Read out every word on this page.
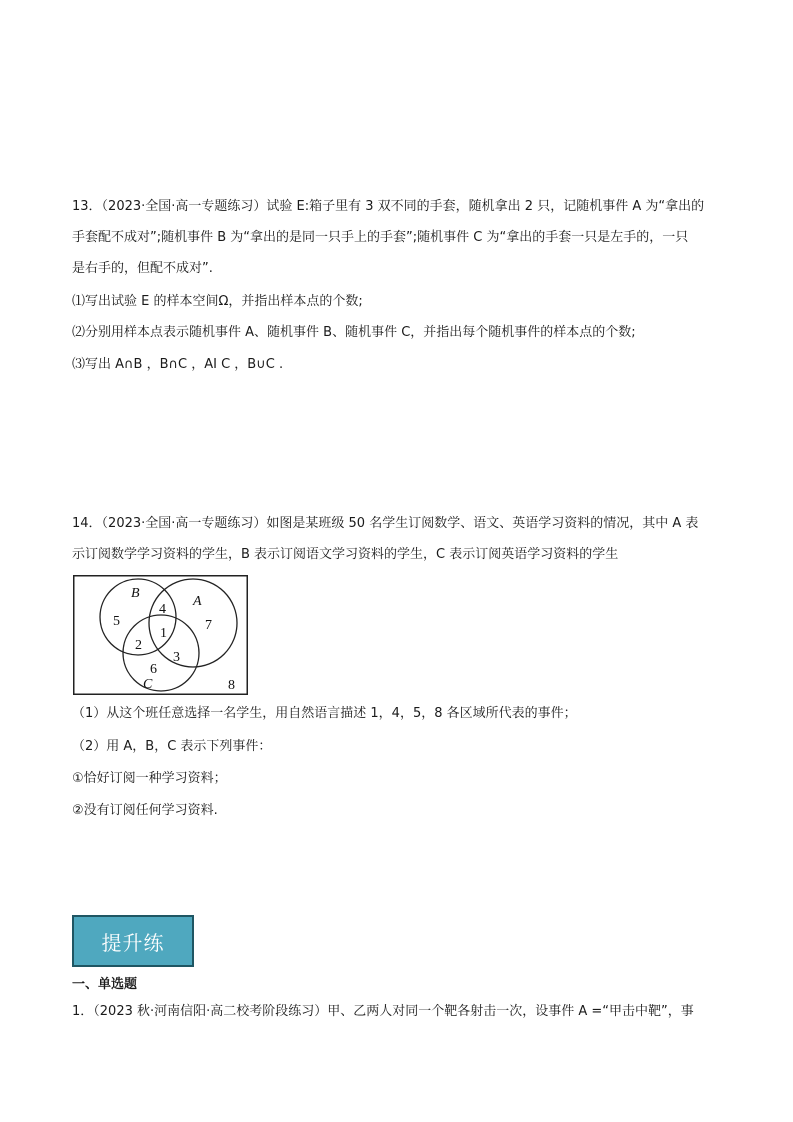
13．（2023·全国·高一专题练习）试验 E:箱子里有 3 双不同的手套，随机拿出 2 只，记随机事件 A 为“拿出的
手套配不成对”;随机事件 B 为“拿出的是同一只手上的手套”;随机事件 C 为“拿出的手套一只是左手的，一只
是右手的，但配不成对”.
⑴写出试验 E 的样本空间Ω，并指出样本点的个数;
⑵分别用样本点表示随机事件 A、随机事件 B、随机事件 C，并指出每个随机事件的样本点的个数;
⑶写出 A∩B ，B∩C ，AI C ，B∪C .
14．（2023·全国·高一专题练习）如图是某班级 50 名学生订阅数学、语文、英语学习资料的情况，其中 A 表
示订阅数学学习资料的学生，B 表示订阅语文学习资料的学生，C 表示订阅英语学习资料的学生
B
A
C
5
4
7
1
2
3
6
8
（1）从这个班任意选择一名学生，用自然语言描述 1，4，5，8 各区域所代表的事件；
（2）用 A，B，C 表示下列事件：
①恰好订阅一种学习资料；
②没有订阅任何学习资料.
提升练
一、单选题
1．（2023 秋·河南信阳·高二校考阶段练习）甲、乙两人对同一个靶各射击一次，设事件 A =“甲击中靶”，事
